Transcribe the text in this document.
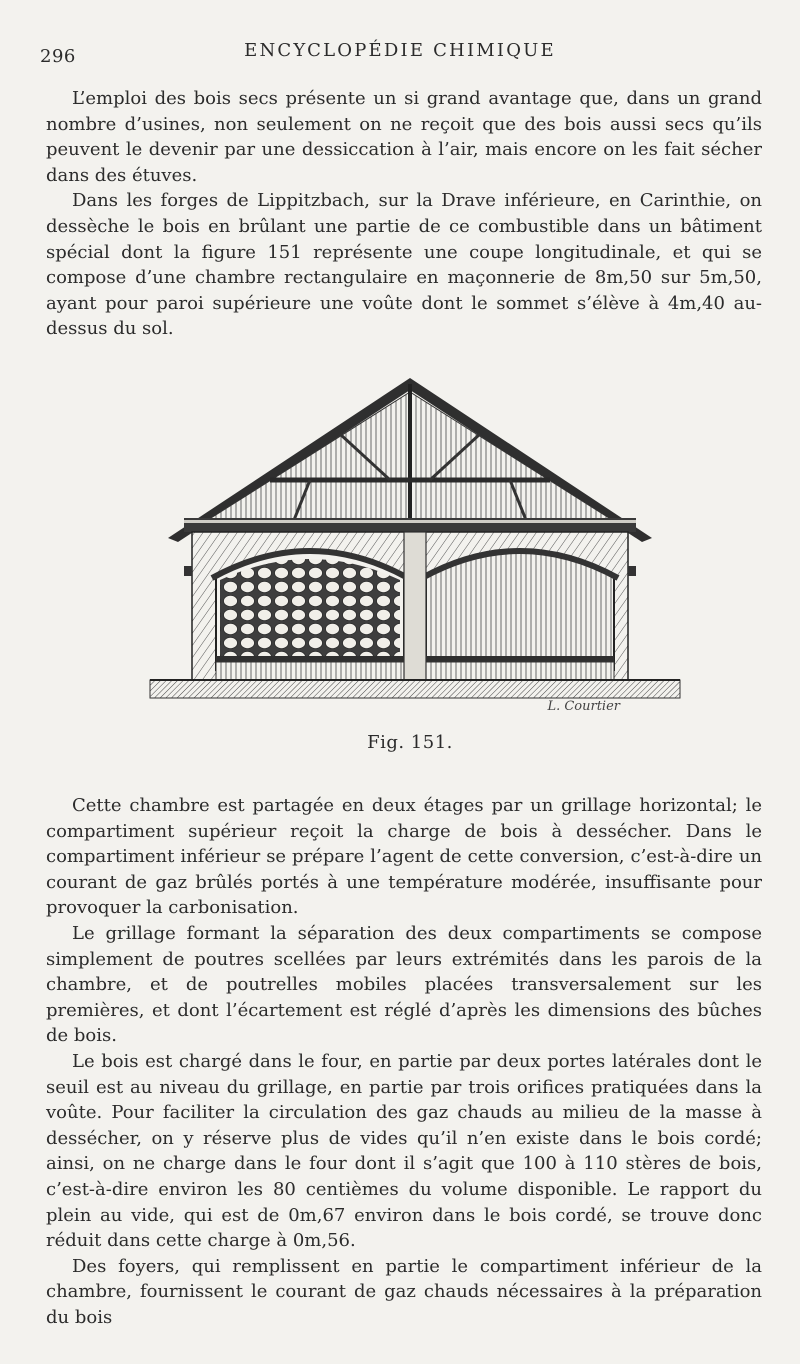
296	ENCYCLOPÉDIE CHIMIQUE

L’emploi des bois secs présente un si grand avantage que, dans un grand nombre d’usines, non seulement on ne reçoit que des bois aussi secs qu’ils peuvent le devenir par une dessiccation à l’air, mais encore on les fait sécher dans des étuves.

Dans les forges de Lippitzbach, sur la Drave inférieure, en Carinthie, on dessèche le bois en brûlant une partie de ce combustible dans un bâtiment spécial dont la figure 151 représente une coupe longitudinale, et qui se compose d’une chambre rectangulaire en maçonnerie de 8m,50 sur 5m,50, ayant pour paroi supérieure une voûte dont le sommet s’élève à 4m,40 au-dessus du sol.

L. Courtier
Fig. 151.

Cette chambre est partagée en deux étages par un grillage horizontal; le compartiment supérieur reçoit la charge de bois à dessécher. Dans le compartiment inférieur se prépare l’agent de cette conversion, c’est-à-dire un courant de gaz brûlés portés à une température modérée, insuffisante pour provoquer la carbonisation.

Le grillage formant la séparation des deux compartiments se compose simplement de poutres scellées par leurs extrémités dans les parois de la chambre, et de poutrelles mobiles placées transversalement sur les premières, et dont l’écartement est réglé d’après les dimensions des bûches de bois.

Le bois est chargé dans le four, en partie par deux portes latérales dont le seuil est au niveau du grillage, en partie par trois orifices pratiquées dans la voûte. Pour faciliter la circulation des gaz chauds au milieu de la masse à dessécher, on y réserve plus de vides qu’il n’en existe dans le bois cordé; ainsi, on ne charge dans le four dont il s’agit que 100 à 110 stères de bois, c’est-à-dire environ les 80 centièmes du volume disponible. Le rapport du plein au vide, qui est de 0m,67 environ dans le bois cordé, se trouve donc réduit dans cette charge à 0m,56.

Des foyers, qui remplissent en partie le compartiment inférieur de la chambre, fournissent le courant de gaz chauds nécessaires à la préparation du bois
